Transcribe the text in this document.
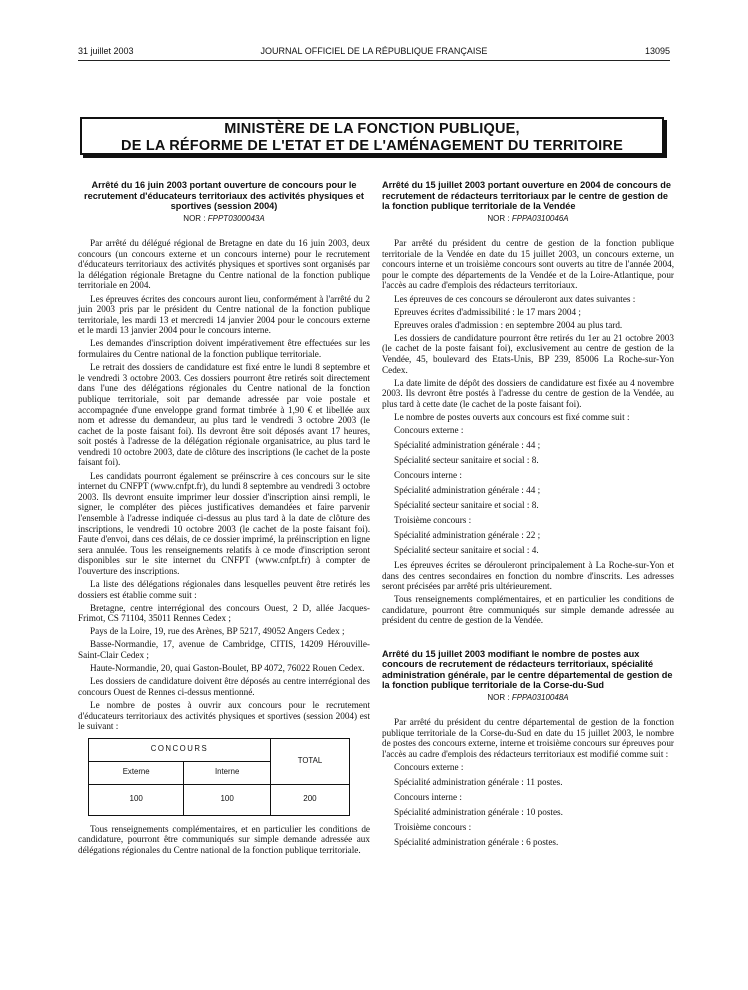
31 juillet 2003	JOURNAL OFFICIEL DE LA RÉPUBLIQUE FRANÇAISE	13095
MINISTÈRE DE LA FONCTION PUBLIQUE,
DE LA RÉFORME DE L'ETAT ET DE L'AMÉNAGEMENT DU TERRITOIRE
Arrêté du 16 juin 2003 portant ouverture de concours pour le recrutement d'éducateurs territoriaux des activités physiques et sportives (session 2004)
NOR : FPPT0300043A

Par arrêté du délégué régional de Bretagne en date du 16 juin 2003, deux concours (un concours externe et un concours interne) pour le recrutement d'éducateurs territoriaux des activités physiques et sportives sont organisés par la délégation régionale Bretagne du Centre national de la fonction publique territoriale en 2004.

Les épreuves écrites des concours auront lieu, conformément à l'arrêté du 2 juin 2003 pris par le président du Centre national de la fonction publique territoriale, les mardi 13 et mercredi 14 janvier 2004 pour le concours externe et le mardi 13 janvier 2004 pour le concours interne.

Les demandes d'inscription doivent impérativement être effectuées sur les formulaires du Centre national de la fonction publique territoriale.

Le retrait des dossiers de candidature est fixé entre le lundi 8 septembre et le vendredi 3 octobre 2003. Ces dossiers pourront être retirés soit directement dans l'une des délégations régionales du Centre national de la fonction publique territoriale, soit par demande adressée par voie postale et accompagnée d'une enveloppe grand format timbrée à 1,90 € et libellée aux nom et adresse du demandeur, au plus tard le vendredi 3 octobre 2003 (le cachet de la poste faisant foi). Ils devront être soit déposés avant 17 heures, soit postés à l'adresse de la délégation régionale organisatrice, au plus tard le vendredi 10 octobre 2003, date de clôture des inscriptions (le cachet de la poste faisant foi).

Les candidats pourront également se préinscrire à ces concours sur le site internet du CNFPT (www.cnfpt.fr), du lundi 8 septembre au vendredi 3 octobre 2003. Ils devront ensuite imprimer leur dossier d'inscription ainsi rempli, le signer, le compléter des pièces justificatives demandées et faire parvenir l'ensemble à l'adresse indiquée ci-dessus au plus tard à la date de clôture des inscriptions, le vendredi 10 octobre 2003 (le cachet de la poste faisant foi). Faute d'envoi, dans ces délais, de ce dossier imprimé, la préinscription en ligne sera annulée. Tous les renseignements relatifs à ce mode d'inscription seront disponibles sur le site internet du CNFPT (www.cnfpt.fr) à compter de l'ouverture des inscriptions.

La liste des délégations régionales dans lesquelles peuvent être retirés les dossiers est établie comme suit :

Bretagne, centre interrégional des concours Ouest, 2 D, allée Jacques-Frimot, CS 71104, 35011 Rennes Cedex ;

Pays de la Loire, 19, rue des Arènes, BP 5217, 49052 Angers Cedex ;

Basse-Normandie, 17, avenue de Cambridge, CITIS, 14209 Hérouville-Saint-Clair Cedex ;

Haute-Normandie, 20, quai Gaston-Boulet, BP 4072, 76022 Rouen Cedex.

Les dossiers de candidature doivent être déposés au centre interrégional des concours Ouest de Rennes ci-dessus mentionné.

Le nombre de postes à ouvrir aux concours pour le recrutement d'éducateurs territoriaux des activités physiques et sportives (session 2004) est le suivant :

CONCOURS		TOTAL
Externe	Interne	
100	100	200

Tous renseignements complémentaires, et en particulier les conditions de candidature, pourront être communiqués sur simple demande adressée aux délégations régionales du Centre national de la fonction publique territoriale.

Arrêté du 15 juillet 2003 portant ouverture en 2004 de concours de recrutement de rédacteurs territoriaux par le centre de gestion de la fonction publique territoriale de la Vendée
NOR : FPPA0310046A

Par arrêté du président du centre de gestion de la fonction publique territoriale de la Vendée en date du 15 juillet 2003, un concours externe, un concours interne et un troisième concours sont ouverts au titre de l'année 2004, pour le compte des départements de la Vendée et de la Loire-Atlantique, pour l'accès au cadre d'emplois des rédacteurs territoriaux.

Les épreuves de ces concours se dérouleront aux dates suivantes :

Epreuves écrites d'admissibilité : le 17 mars 2004 ;

Epreuves orales d'admission : en septembre 2004 au plus tard.

Les dossiers de candidature pourront être retirés du 1er au 21 octobre 2003 (le cachet de la poste faisant foi), exclusivement au centre de gestion de la Vendée, 45, boulevard des Etats-Unis, BP 239, 85006 La Roche-sur-Yon Cedex.

La date limite de dépôt des dossiers de candidature est fixée au 4 novembre 2003. Ils devront être postés à l'adresse du centre de gestion de la Vendée, au plus tard à cette date (le cachet de la poste faisant foi).

Le nombre de postes ouverts aux concours est fixé comme suit :

Concours externe :

Spécialité administration générale : 44 ;

Spécialité secteur sanitaire et social : 8.

Concours interne :

Spécialité administration générale : 44 ;

Spécialité secteur sanitaire et social : 8.

Troisième concours :

Spécialité administration générale : 22 ;

Spécialité secteur sanitaire et social : 4.

Les épreuves écrites se dérouleront principalement à La Roche-sur-Yon et dans des centres secondaires en fonction du nombre d'inscrits. Les adresses seront précisées par arrêté pris ultérieurement.

Tous renseignements complémentaires, et en particulier les conditions de candidature, pourront être communiqués sur simple demande adressée au président du centre de gestion de la Vendée.

Arrêté du 15 juillet 2003 modifiant le nombre de postes aux concours de recrutement de rédacteurs territoriaux, spécialité administration générale, par le centre départemental de gestion de la fonction publique territoriale de la Corse-du-Sud
NOR : FPPA0310048A

Par arrêté du président du centre départemental de gestion de la fonction publique territoriale de la Corse-du-Sud en date du 15 juillet 2003, le nombre de postes des concours externe, interne et troisième concours sur épreuves pour l'accès au cadre d'emplois des rédacteurs territoriaux est modifié comme suit :

Concours externe :

Spécialité administration générale : 11 postes.

Concours interne :

Spécialité administration générale : 10 postes.

Troisième concours :

Spécialité administration générale : 6 postes.
